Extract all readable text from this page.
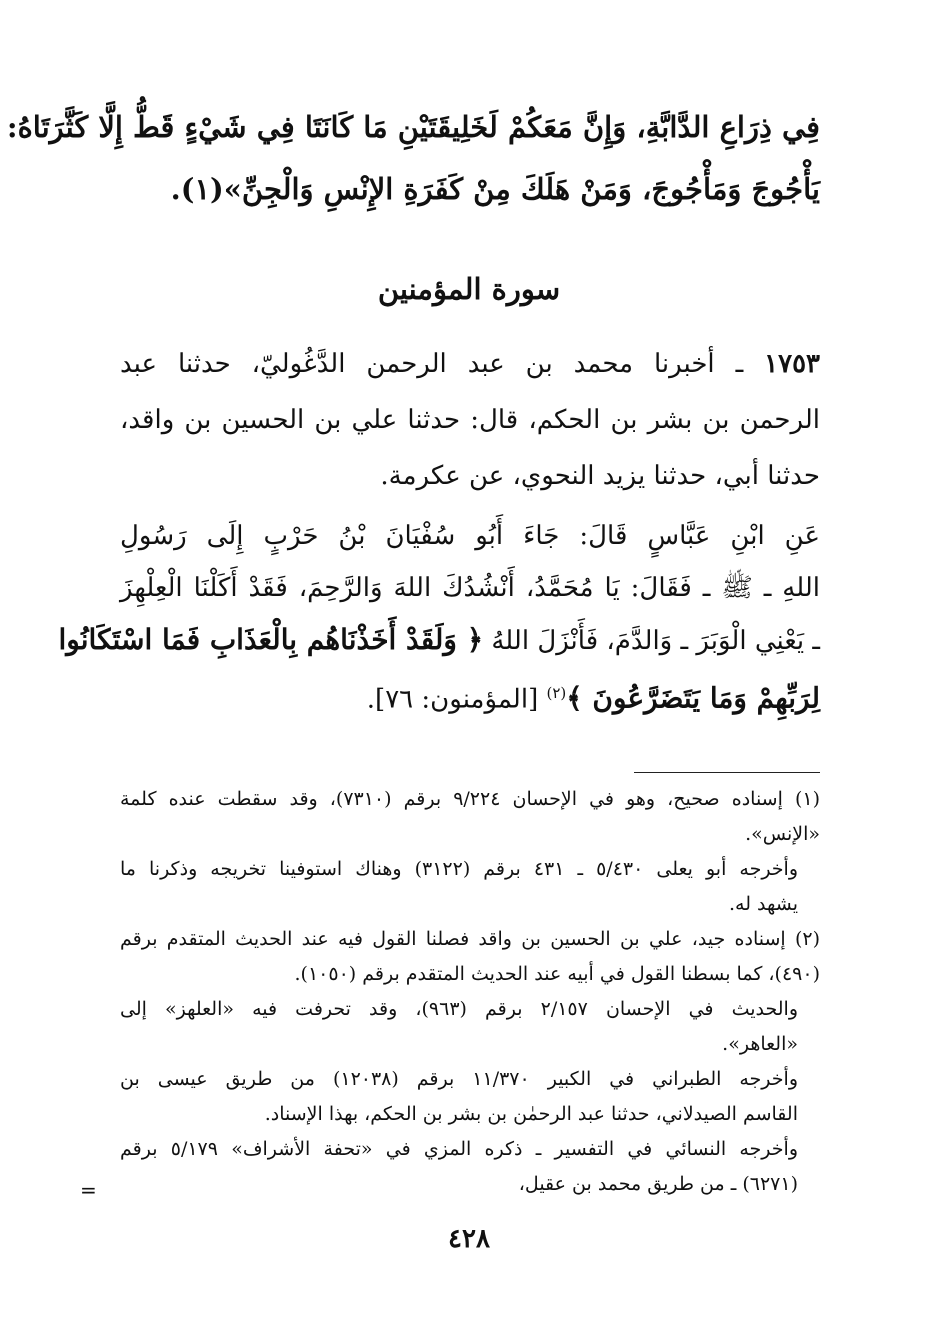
فِي ذِرَاعِ الدَّابَّةِ، وَإِنَّ مَعَكُمْ لَخَلِيقَتَيْنِ مَا كَانَتَا فِي شَيْءٍ قَطُّ إِلَّا كَثَّرَتَاهُ:
يَأْجُوجَ وَمَأْجُوجَ، وَمَنْ هَلَكَ مِنْ كَفَرَةِ الإِنْسِ وَالْجِنِّ»(١).
سورة المؤمنين
١٧٥٣ ـ أخبرنا محمد بن عبد الرحمن الدَّغُوليّ، حدثنا عبد
الرحمن بن بشر بن الحكم، قال: حدثنا علي بن الحسين بن واقد،
حدثنا أبي، حدثنا يزيد النحوي، عن عكرمة.
عَنِ ابْنِ عَبَّاسٍ قَالَ: جَاءَ أَبُو سُفْيَانَ بْنُ حَرْبٍ إِلَى رَسُولِ
اللهِ ـ ﷺ ـ فَقَالَ: يَا مُحَمَّدُ، أَنْشُدُكَ اللهَ وَالرَّحِمَ، فَقَدْ أَكَلْنَا الْعِلْهِزَ
ـ يَعْنِي الْوَبَرَ ـ وَالدَّمَ، فَأَنْزَلَ اللهُ ﴿ وَلَقَدْ أَخَذْنَاهُم بِالْعَذَابِ فَمَا اسْتَكَانُوا
لِرَبِّهِمْ وَمَا يَتَضَرَّعُونَ ﴾$^{(٢)}$ [المؤمنون: ٧٦].

(١) إسناده صحيح، وهو في الإحسان ٩/٢٢٤ برقم (٧٣١٠)، وقد سقطت عنده كلمة
«الإنس».

وأخرجه أبو يعلى ٥/٤٣٠ ـ ٤٣١ برقم (٣١٢٢) وهناك استوفينا تخريجه وذكرنا ما
يشهد له.

(٢) إسناده جيد، علي بن الحسين بن واقد فصلنا القول فيه عند الحديث المتقدم برقم
(٤٩٠)، كما بسطنا القول في أبيه عند الحديث المتقدم برقم (١٠٥٠).

والحديث في الإحسان ٢/١٥٧ برقم (٩٦٣)، وقد تحرفت فيه «العلهز» إلى
«العاهر».

وأخرجه الطبراني في الكبير ١١/٣٧٠ برقم (١٢٠٣٨) من طريق عيسى بن
القاسم الصيدلاني، حدثنا عبد الرحمٰن بن بشر بن الحكم، بهذا الإسناد.

وأخرجه النسائي في التفسير ـ ذكره المزي في «تحفة الأشراف» ٥/١٧٩ برقم
(٦٢٧١) ـ من طريق محمد بن عقيل،

=
٤٢٨
